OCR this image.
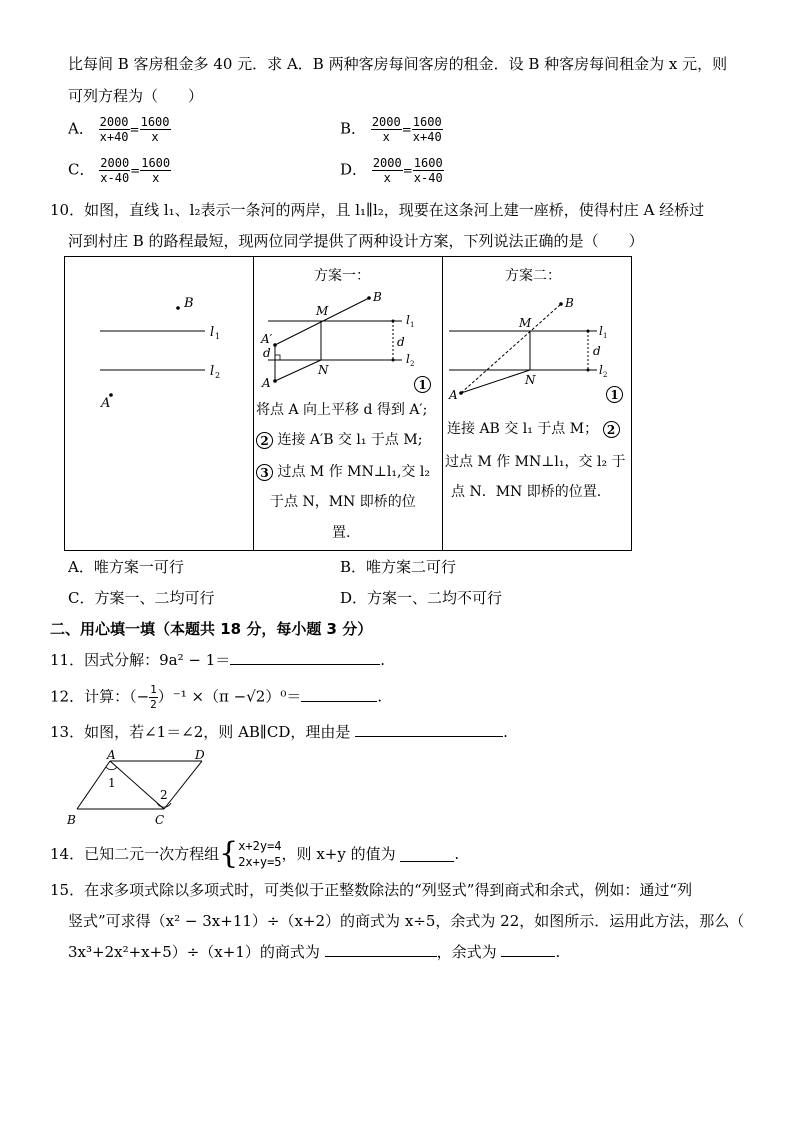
比每间 B 客房租金多 40 元．求 A．B 两种客房每间客房的租金．设 B 种客房每间租金为 x 元，则
可列方程为（　　）
A． $\frac{2000}{x+40} = \frac{1600}{x}$	B． $\frac{2000}{x} = \frac{1600}{x+40}$
C． $\frac{2000}{x-40} = \frac{1600}{x}$	D． $\frac{2000}{x} = \frac{1600}{x-40}$
10．如图，直线 l₁、l₂表示一条河的两岸，且 l₁∥l₂，现要在这条河上建一座桥，使得村庄 A 经桥过
河到村庄 B 的路程最短，现两位同学提供了两种设计方案，下列说法正确的是（　　）
B
A
l 1
l 2
方案一：
M
B
A′
d
d
A
N
l 1
l 2
1
将点 A 向上平移 d 得到 A′;
2 连接 A′B 交 l₁ 于点 M;
3 过点 M 作 MN⊥l₁,交 l₂
于点 N，MN 即桥的位
置.
方案二：
B
M
d
A
N
l 1
l 2
1
连接 AB 交 l₁ 于点 M； 2
过点 M 作 MN⊥l₁，交 l₂ 于
点 N．MN 即桥的位置.
A．唯方案一可行	B．唯方案二可行
C．方案一、二均可行	D．方案一、二均不可行
二、用心填一填（本题共 18 分，每小题 3 分）
11．因式分解：9a² − 1＝	.
12．计算：（− $\frac{1}{2} )^{-1} \times(\pi -√2)^0=$	.
13．如图，若∠1＝∠2，则 AB∥CD，理由是	.
A	D
B	C
1
2
14．已知二元一次方程组{ x+2y=4
2x+y=5 ，则 x+y 的值为	.
15．在求多项式除以多项式时，可类似于正整数除法的“列竖式”得到商式和余式，例如：通过“列
竖式”可求得（x² − 3x+11）÷（x+2）的商式为 x÷5，余式为 22，如图所示．运用此方法，那么（
3x³+2x²+x+5）÷（x+1）的商式为	，余式为	.
